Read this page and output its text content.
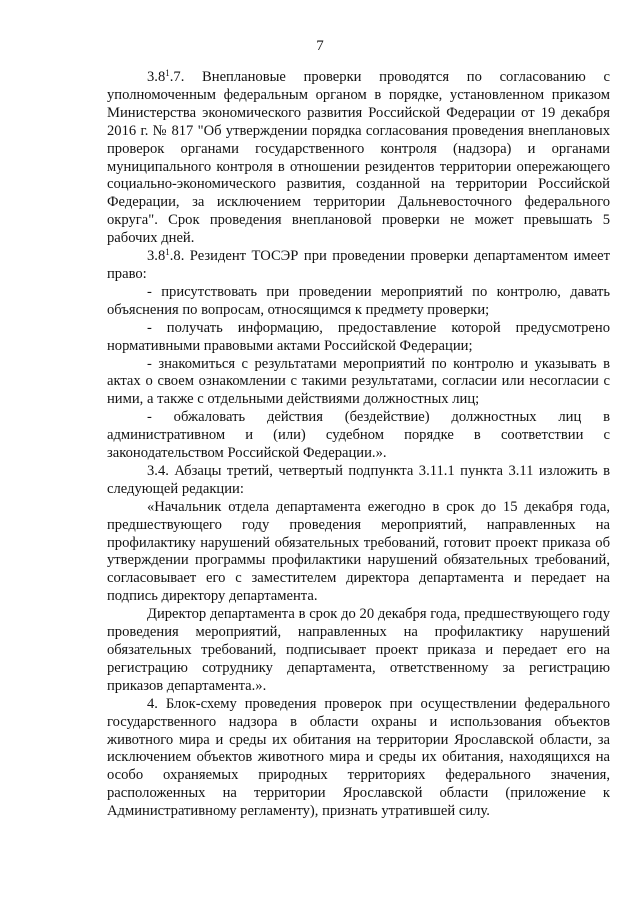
7

$3.8^1.7$. Внеплановые проверки проводятся по согласованию с уполномоченным федеральным органом в порядке, установленном приказом Министерства экономического развития Российской Федерации от 19 декабря 2016 г. № 817 "Об утверждении порядка согласования проведения внеплановых проверок органами государственного контроля (надзора) и органами муниципального контроля в отношении резидентов территории опережающего социально-экономического развития, созданной на территории Российской Федерации, за исключением территории Дальневосточного федерального округа". Срок проведения внеплановой проверки не может превышать 5 рабочих дней.

$3.8^1.8$. Резидент ТОСЭР при проведении проверки департаментом имеет право:

- присутствовать при проведении мероприятий по контролю, давать объяснения по вопросам, относящимся к предмету проверки;

- получать информацию, предоставление которой предусмотрено нормативными правовыми актами Российской Федерации;

- знакомиться с результатами мероприятий по контролю и указывать в актах о своем ознакомлении с такими результатами, согласии или несогласии с ними, а также с отдельными действиями должностных лиц;

- обжаловать действия (бездействие) должностных лиц в административном и (или) судебном порядке в соответствии с законодательством Российской Федерации.».

3.4. Абзацы третий, четвертый подпункта 3.11.1 пункта 3.11 изложить в следующей редакции:

«Начальник отдела департамента ежегодно в срок до 15 декабря года, предшествующего году проведения мероприятий, направленных на профилактику нарушений обязательных требований, готовит проект приказа об утверждении программы профилактики нарушений обязательных требований, согласовывает его с заместителем директора департамента и передает на подпись директору департамента.

Директор департамента в срок до 20 декабря года, предшествующего году проведения мероприятий, направленных на профилактику нарушений обязательных требований, подписывает проект приказа и передает его на регистрацию сотруднику департамента, ответственному за регистрацию приказов департамента.».

4. Блок-схему проведения проверок при осуществлении федерального государственного надзора в области охраны и использования объектов животного мира и среды их обитания на территории Ярославской области, за исключением объектов животного мира и среды их обитания, находящихся на особо охраняемых природных территориях федерального значения, расположенных на территории Ярославской области (приложение к Административному регламенту), признать утратившей силу.
